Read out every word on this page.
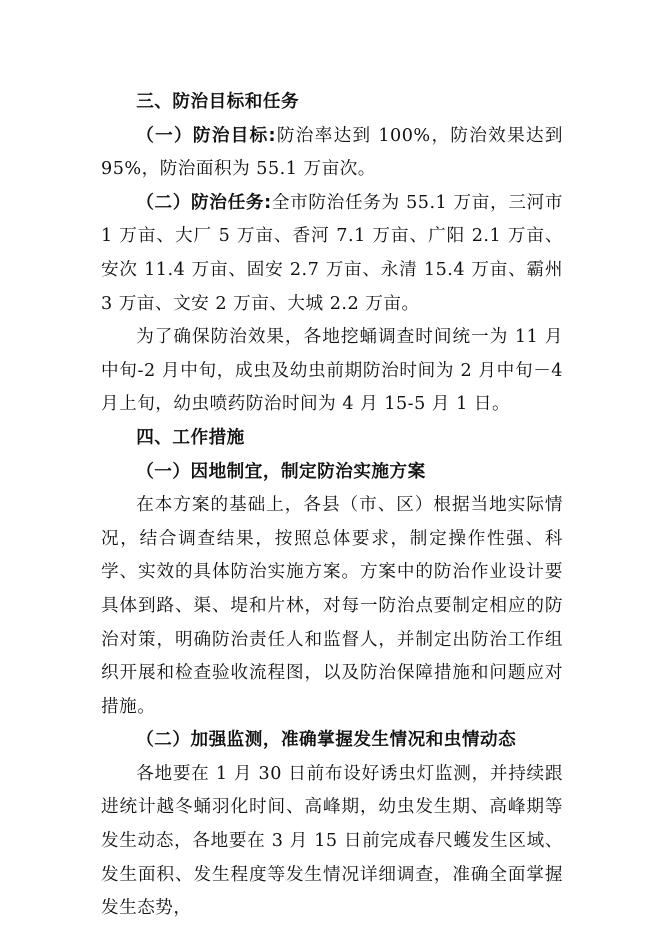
三、防治目标和任务

（一）防治目标:防治率达到 100%，防治效果达到 95%，防治面积为 55.1 万亩次。

（二）防治任务:全市防治任务为 55.1 万亩，三河市 1 万亩、大厂 5 万亩、香河 7.1 万亩、广阳 2.1 万亩、安次 11.4 万亩、固安 2.7 万亩、永清 15.4 万亩、霸州 3 万亩、文安 2 万亩、大城 2.2 万亩。

为了确保防治效果，各地挖蛹调查时间统一为 11 月中旬-2 月中旬，成虫及幼虫前期防治时间为 2 月中旬－4 月上旬，幼虫喷药防治时间为 4 月 15-5 月 1 日。

四、工作措施
（一）因地制宜，制定防治实施方案

在本方案的基础上，各县（市、区）根据当地实际情况，结合调查结果，按照总体要求，制定操作性强、科学、实效的具体防治实施方案。方案中的防治作业设计要具体到路、渠、堤和片林，对每一防治点要制定相应的防治对策，明确防治责任人和监督人，并制定出防治工作组织开展和检查验收流程图，以及防治保障措施和问题应对措施。

（二）加强监测，准确掌握发生情况和虫情动态

各地要在 1 月 30 日前布设好诱虫灯监测，并持续跟进统计越冬蛹羽化时间、高峰期，幼虫发生期、高峰期等发生动态，各地要在 3 月 15 日前完成春尺蠖发生区域、发生面积、发生程度等发生情况详细调查，准确全面掌握发生态势，
